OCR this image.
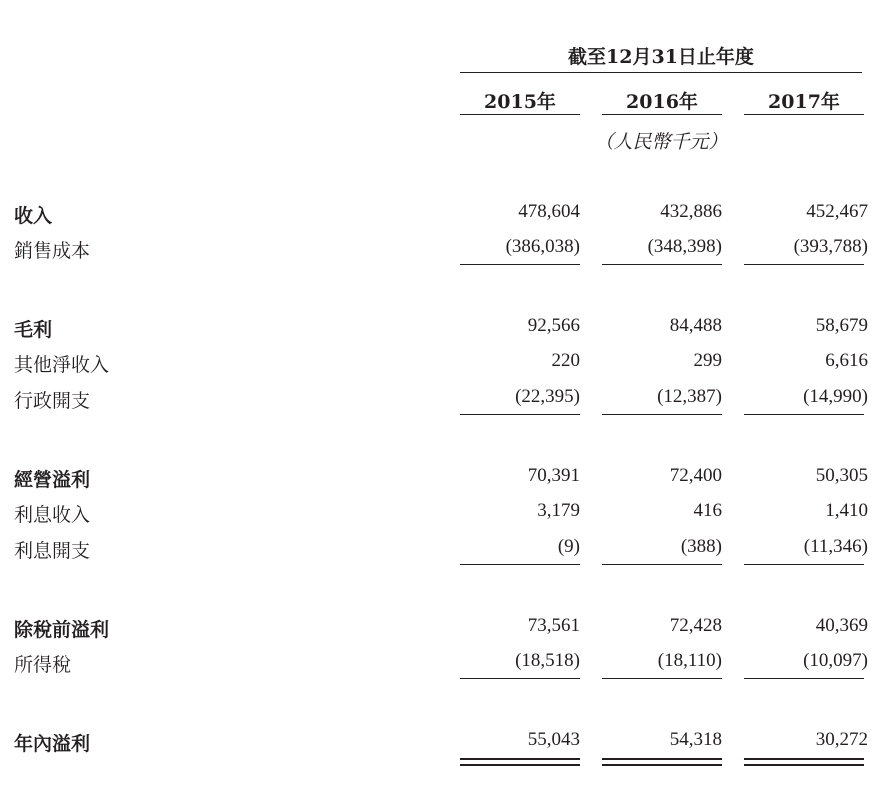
截至12月31日止年度
2015年	2016年	2017年
（人民幣千元）
收入	478,604	432,886	452,467
銷售成本	(386,038)	(348,398)	(393,788)
毛利	92,566	84,488	58,679
其他淨收入	220	299	6,616
行政開支	(22,395)	(12,387)	(14,990)
經營溢利	70,391	72,400	50,305
利息收入	3,179	416	1,410
利息開支	(9)	(388)	(11,346)
除稅前溢利	73,561	72,428	40,369
所得稅	(18,518)	(18,110)	(10,097)
年內溢利	55,043	54,318	30,272
